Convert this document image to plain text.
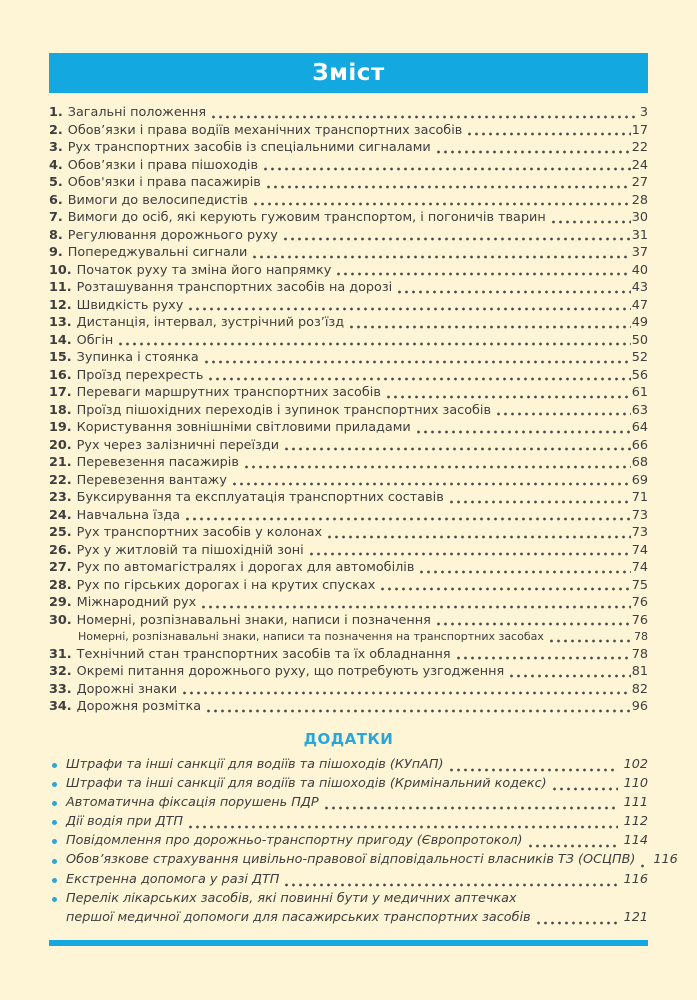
Зміст
1. Загальні положення	3
2. Обов’язки і права водіїв механічних транспортних засобів	17
3. Рух транспортних засобів із спеціальними сигналами	22
4. Обов’язки і права пішоходів	24
5. Обов'язки і права пасажирів	27
6. Вимоги до велосипедистів	28
7. Вимоги до осіб, які керують гужовим транспортом, і погоничів тварин	30
8. Регулювання дорожнього руху	31
9. Попереджувальні сигнали	37
10. Початок руху та зміна його напрямку	40
11. Розташування транспортних засобів на дорозі	43
12. Швидкість руху	47
13. Дистанція, інтервал, зустрічний роз’їзд	49
14. Обгін	50
15. Зупинка і стоянка	52
16. Проїзд перехресть	56
17. Переваги маршрутних транспортних засобів	61
18. Проїзд пішохідних переходів і зупинок транспортних засобів	63
19. Користування зовнішніми світловими приладами	64
20. Рух через залізничні переїзди	66
21. Перевезення пасажирів	68
22. Перевезення вантажу	69
23. Буксирування та експлуатація транспортних составів	71
24. Навчальна їзда	73
25. Рух транспортних засобів у колонах	73
26. Рух у житловій та пішохідній зоні	74
27. Рух по автомагістралях і дорогах для автомобілів	74
28. Рух по гірських дорогах і на крутих спусках	75
29. Міжнародний рух	76
30. Номерні, розпізнавальні знаки, написи і позначення	76
Номерні, розпізнавальні знаки, написи та позначення на транспортних засобах	78
31. Технічний стан транспортних засобів та їх обладнання	78
32. Окремі питання дорожнього руху, що потребують узгодження	81
33. Дорожні знаки	82
34. Дорожня розмітка	96
ДОДАТКИ
Штрафи та інші санкції для водіїв та пішоходів (КУпАП)	102
Штрафи та інші санкції для водіїв та пішоходів (Кримінальний кодекс)	110
Автоматична фіксація порушень ПДР	111
Дії водія при ДТП	112
Повідомлення про дорожньо-транспортну пригоду (Європротокол)	114
Обов’язкове страхування цивільно-правової відповідальності власників ТЗ (ОСЦПВ) 116
Екстренна допомога у разі ДТП	116
Перелік лікарських засобів, які повинні бути у медичних аптечках
першої медичної допомоги для пасажирських транспортних засобів	121
